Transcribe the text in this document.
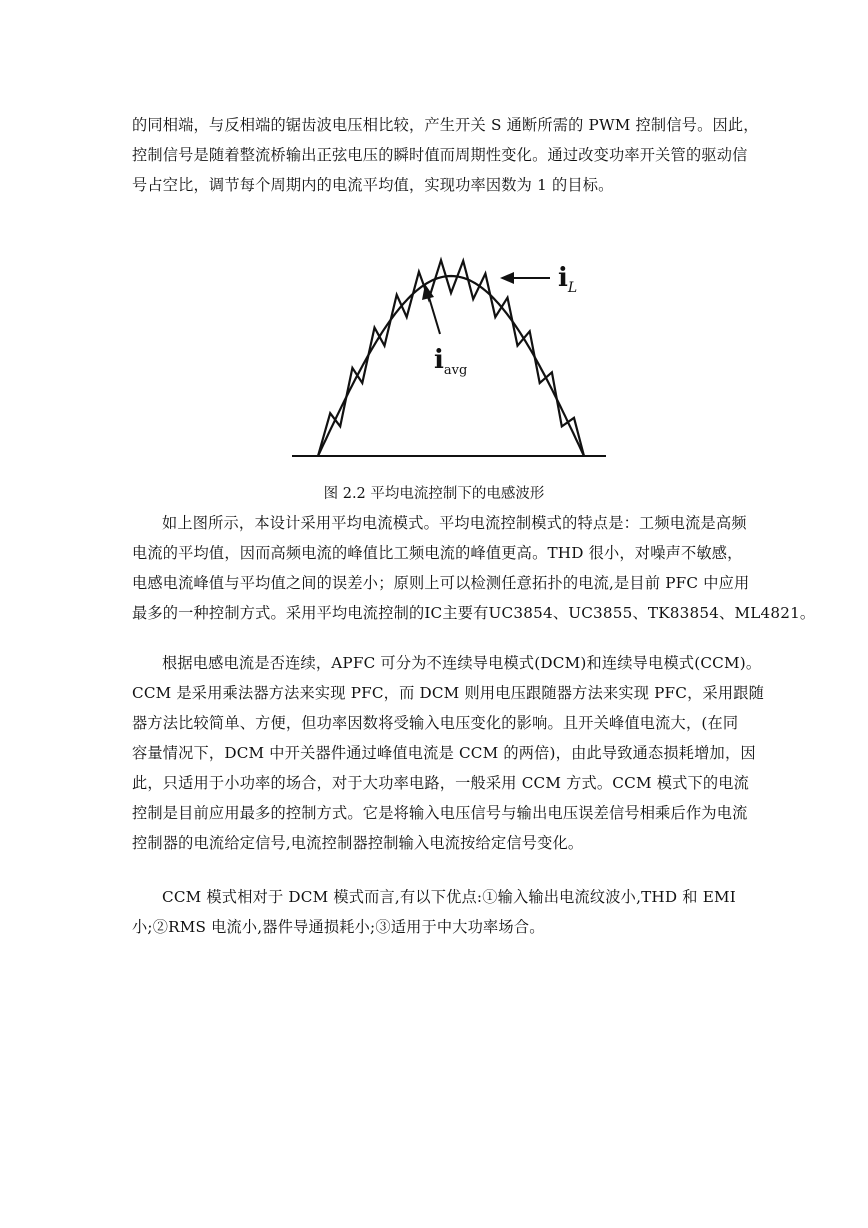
的同相端，与反相端的锯齿波电压相比较，产生开关 S 通断所需的 PWM 控制信号。因此，
控制信号是随着整流桥输出正弦电压的瞬时值而周期性变化。通过改变功率开关管的驱动信
号占空比，调节每个周期内的电流平均值，实现功率因数为 1 的目标。

$i_L$
$i_{avg}$
图 2.2 平均电流控制下的电感波形

如上图所示，本设计采用平均电流模式。平均电流控制模式的特点是：工频电流是高频
电流的平均值，因而高频电流的峰值比工频电流的峰值更高。THD 很小，对噪声不敏感，
电感电流峰值与平均值之间的误差小；原则上可以检测任意拓扑的电流,是目前 PFC 中应用
最多的一种控制方式。采用平均电流控制的IC主要有UC3854、UC3855、TK83854、ML4821。

根据电感电流是否连续，APFC 可分为不连续导电模式(DCM)和连续导电模式(CCM)。
CCM 是采用乘法器方法来实现 PFC，而 DCM 则用电压跟随器方法来实现 PFC，采用跟随
器方法比较简单、方便，但功率因数将受输入电压变化的影响。且开关峰值电流大，(在同
容量情况下，DCM 中开关器件通过峰值电流是 CCM 的两倍)，由此导致通态损耗增加，因
此，只适用于小功率的场合，对于大功率电路，一般采用 CCM 方式。CCM 模式下的电流
控制是目前应用最多的控制方式。它是将输入电压信号与输出电压误差信号相乘后作为电流
控制器的电流给定信号,电流控制器控制输入电流按给定信号变化。

CCM 模式相对于 DCM 模式而言,有以下优点:①输入输出电流纹波小,THD 和 EMI
小;②RMS 电流小,器件导通损耗小;③适用于中大功率场合。
